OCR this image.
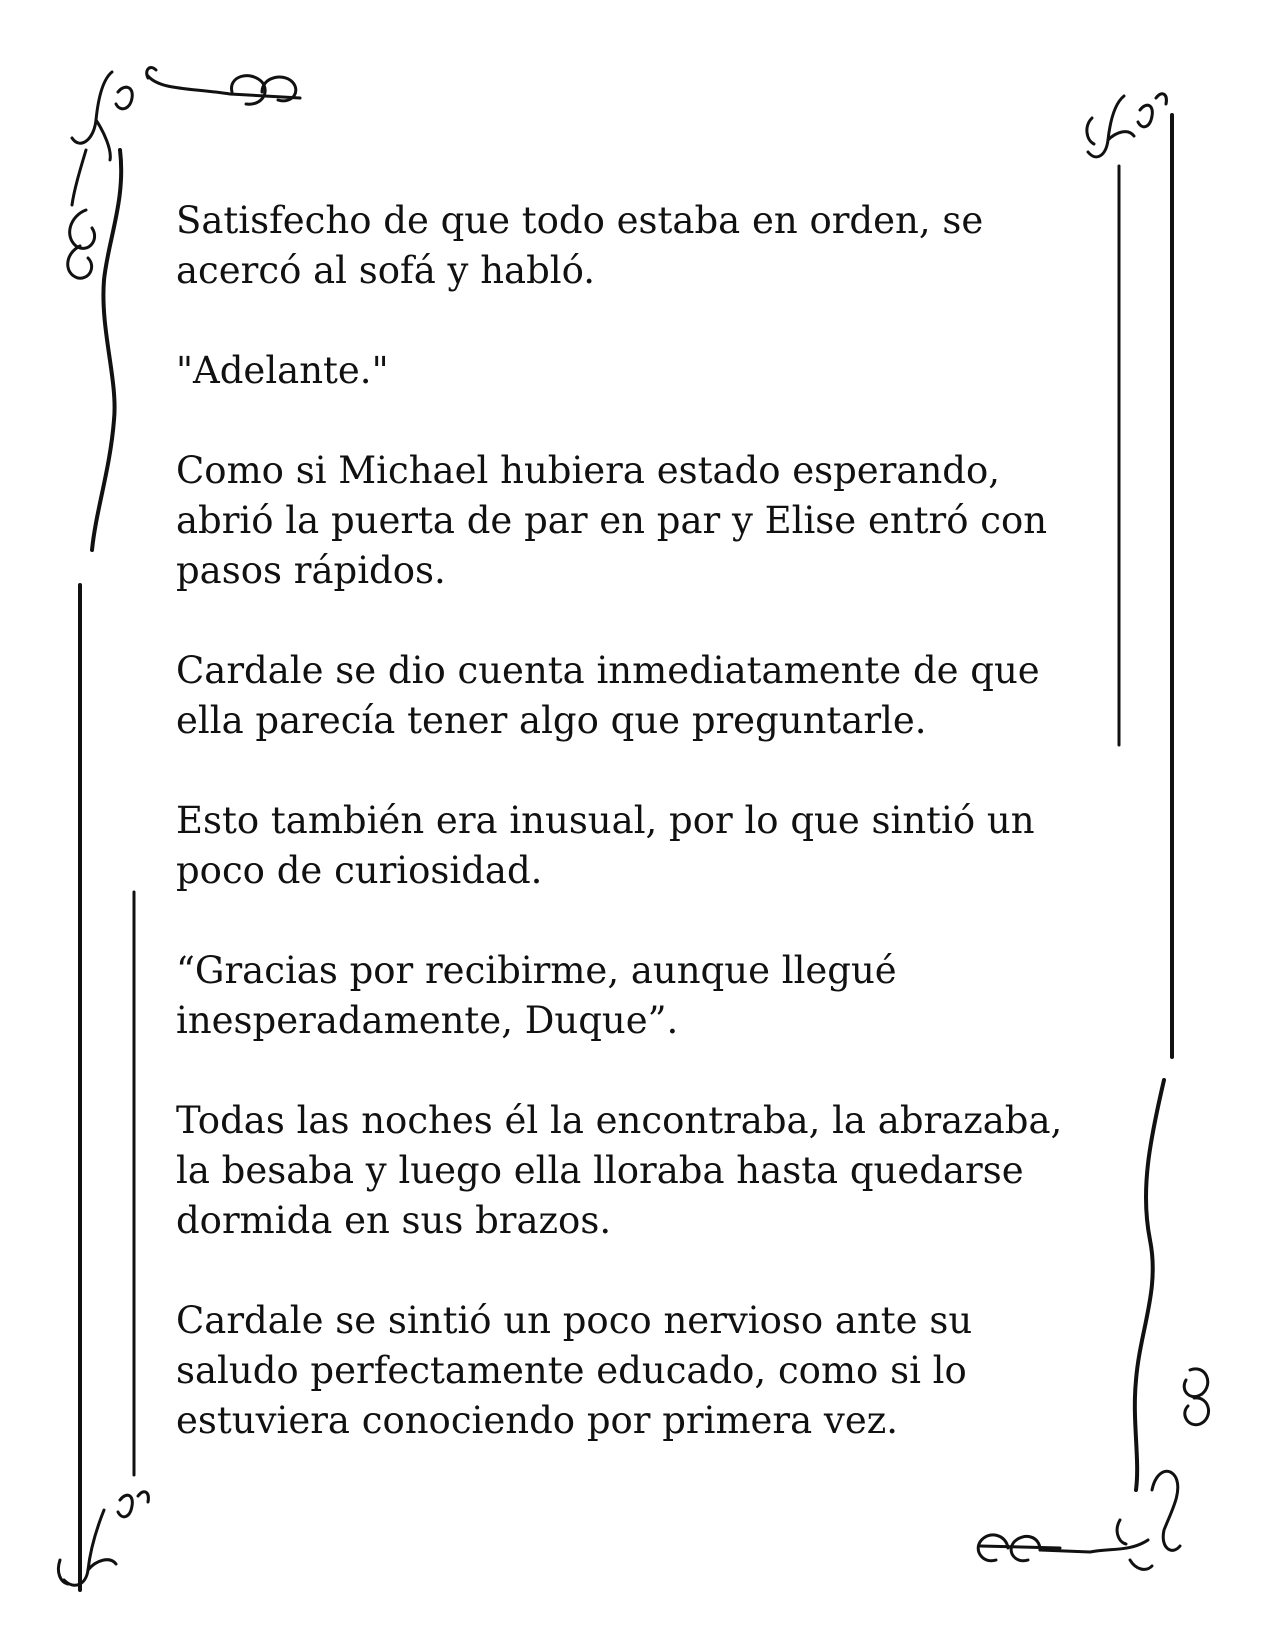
Satisfecho de que todo estaba en orden, se
acercó al sofá y habló.

"Adelante."

Como si Michael hubiera estado esperando,
abrió la puerta de par en par y Elise entró con
pasos rápidos.

Cardale se dio cuenta inmediatamente de que
ella parecía tener algo que preguntarle.

Esto también era inusual, por lo que sintió un
poco de curiosidad.

“Gracias por recibirme, aunque llegué
inesperadamente, Duque”.

Todas las noches él la encontraba, la abrazaba,
la besaba y luego ella lloraba hasta quedarse
dormida en sus brazos.

Cardale se sintió un poco nervioso ante su
saludo perfectamente educado, como si lo
estuviera conociendo por primera vez.
